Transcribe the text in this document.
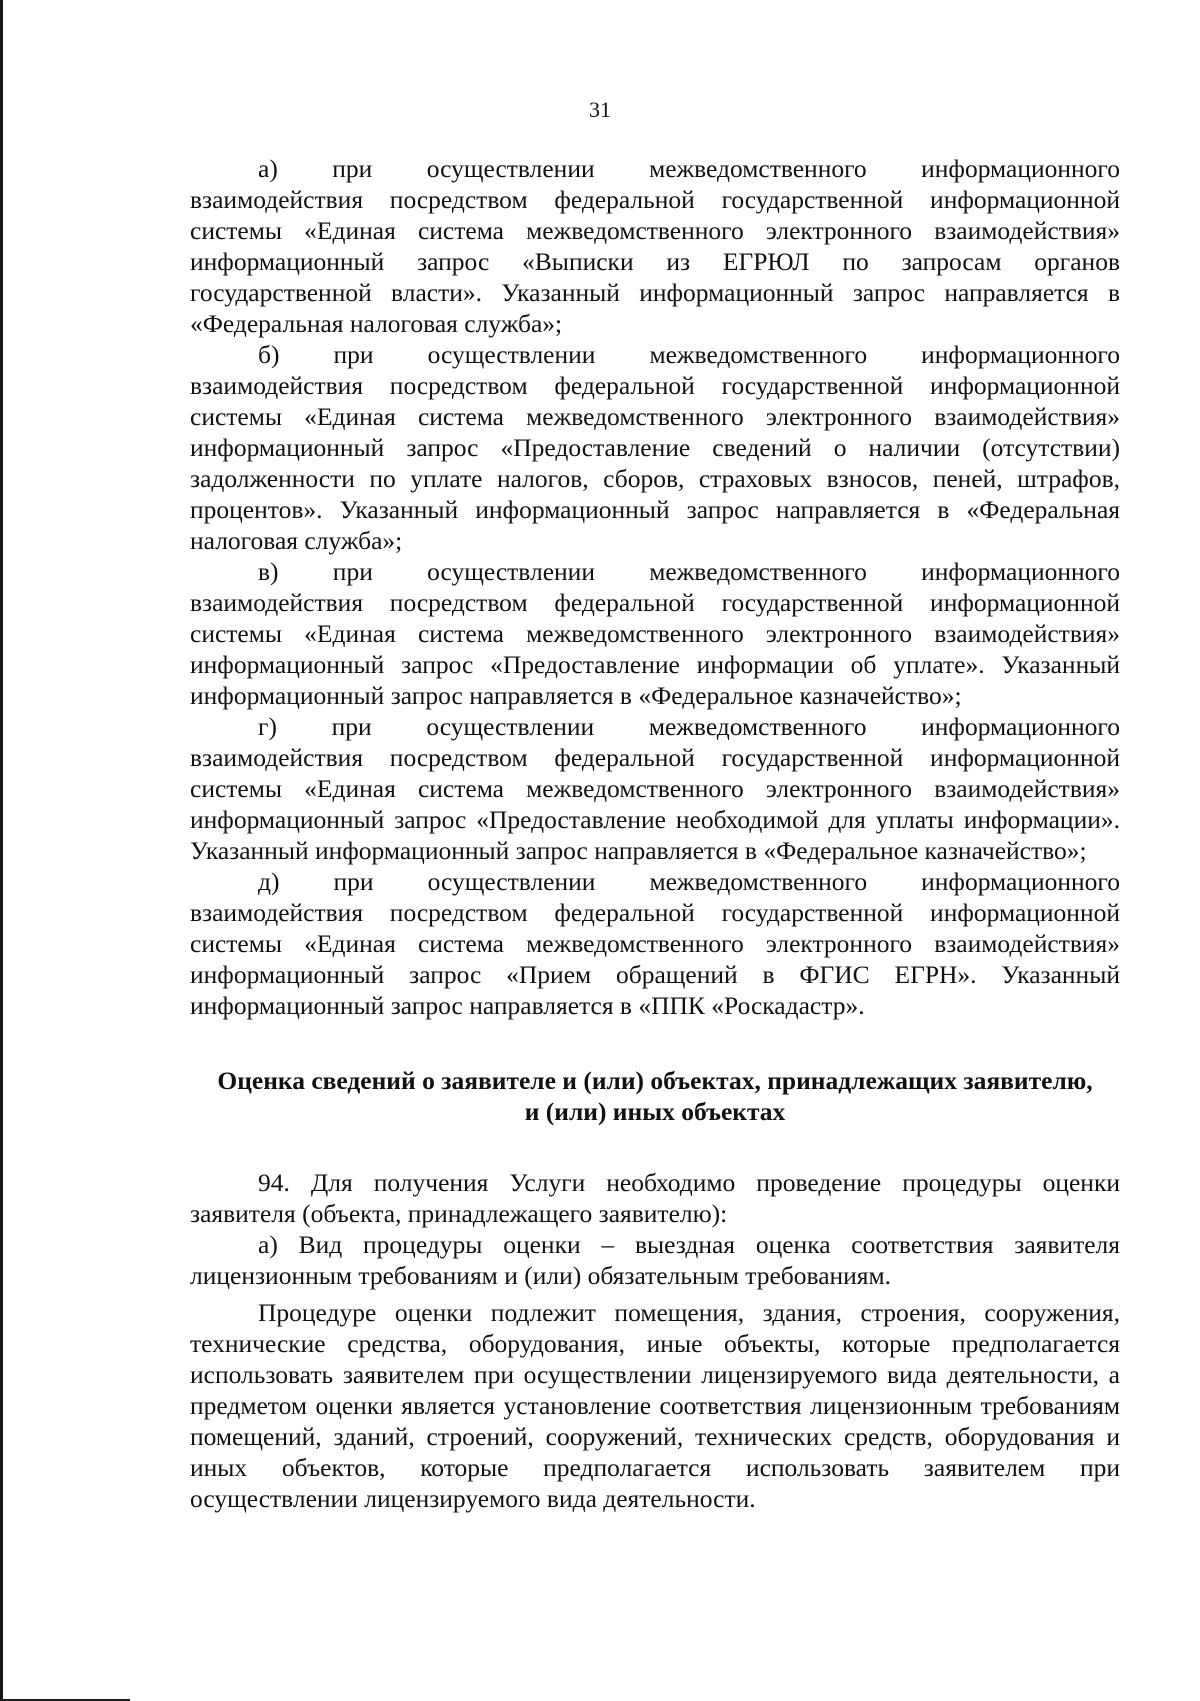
31

а) при осуществлении межведомственного информационного

взаимодействия посредством федеральной государственной информационной системы «Единая система межведомственного электронного взаимодействия» информационный запрос «Выписки из ЕГРЮЛ по запросам органов государственной власти». Указанный информационный запрос направляется в «Федеральная налоговая служба»;

б) при осуществлении межведомственного информационного

взаимодействия посредством федеральной государственной информационной системы «Единая система межведомственного электронного взаимодействия» информационный запрос «Предоставление сведений о наличии (отсутствии) задолженности по уплате налогов, сборов, страховых взносов, пеней, штрафов, процентов». Указанный информационный запрос направляется в «Федеральная налоговая служба»;

в) при осуществлении межведомственного информационного

взаимодействия посредством федеральной государственной информационной системы «Единая система межведомственного электронного взаимодействия» информационный запрос «Предоставление информации об уплате». Указанный информационный запрос направляется в «Федеральное казначейство»;

г) при осуществлении межведомственного информационного

взаимодействия посредством федеральной государственной информационной системы «Единая система межведомственного электронного взаимодействия» информационный запрос «Предоставление необходимой для уплаты информации». Указанный информационный запрос направляется в «Федеральное казначейство»;

д) при осуществлении межведомственного информационного

взаимодействия посредством федеральной государственной информационной системы «Единая система межведомственного электронного взаимодействия» информационный запрос «Прием обращений в ФГИС ЕГРН». Указанный информационный запрос направляется в «ППК «Роскадастр».

Оценка сведений о заявителе и (или) объектах, принадлежащих заявителю,
и (или) иных объектах

94. Для получения Услуги необходимо проведение процедуры оценки заявителя (объекта, принадлежащего заявителю):

а) Вид процедуры оценки – выездная оценка соответствия заявителя лицензионным требованиям и (или) обязательным требованиям.

Процедуре оценки подлежит помещения, здания, строения, сооружения, технические средства, оборудования, иные объекты, которые предполагается использовать заявителем при осуществлении лицензируемого вида деятельности, а предметом оценки является установление соответствия лицензионным требованиям помещений, зданий, строений, сооружений, технических средств, оборудования и иных объектов, которые предполагается использовать заявителем при осуществлении лицензируемого вида деятельности.
